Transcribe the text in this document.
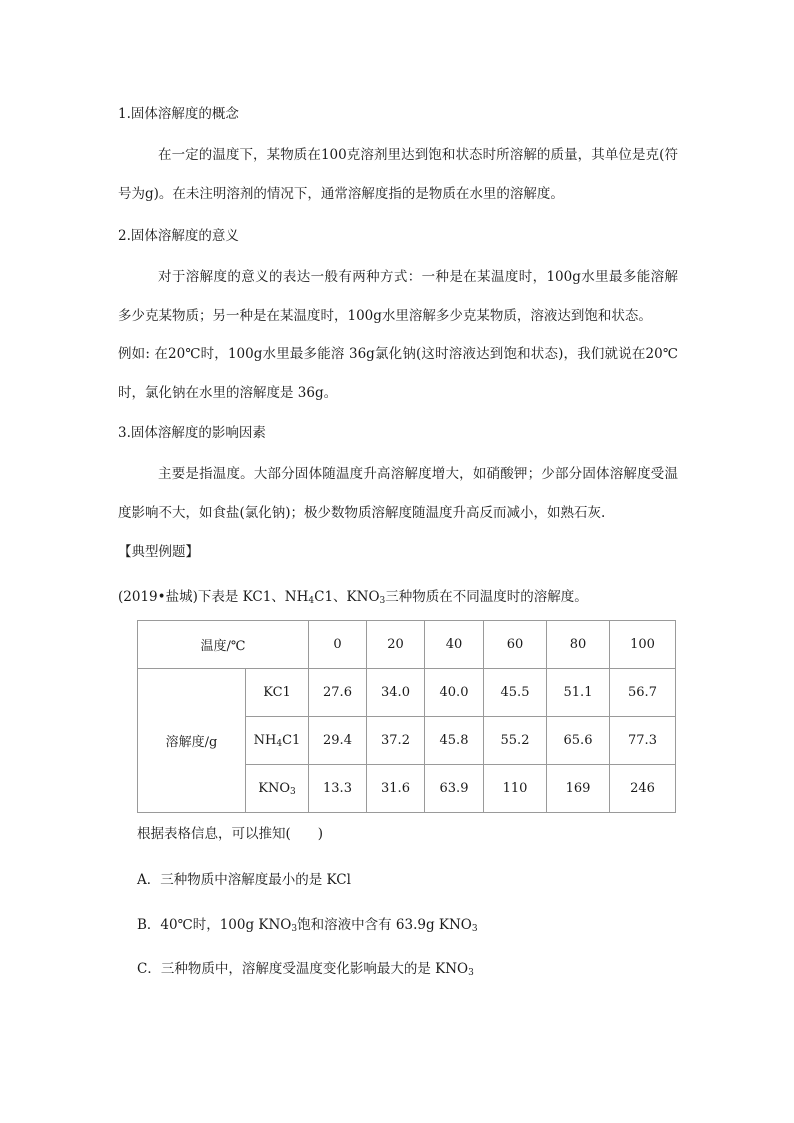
1.固体溶解度的概念
在一定的温度下，某物质在100克溶剂里达到饱和状态时所溶解的质量，其单位是克(符号为g)。在未注明溶剂的情况下，通常溶解度指的是物质在水里的溶解度。
2.固体溶解度的意义
对于溶解度的意义的表达一般有两种方式：一种是在某温度时，100g水里最多能溶解多少克某物质；另一种是在某温度时，100g水里溶解多少克某物质，溶液达到饱和状态。
例如: 在20℃时，100g水里最多能溶 36g氯化钠(这时溶液达到饱和状态)，我们就说在20℃时，氯化钠在水里的溶解度是 36g。
3.固体溶解度的影响因素
主要是指温度。大部分固体随温度升高溶解度增大，如硝酸钾；少部分固体溶解度受温度影响不大，如食盐(氯化钠)；极少数物质溶解度随温度升高反而减小，如熟石灰.
【典型例题】
(2019•盐城)下表是 KC1、$NH_4C1$、$KNO_3$三种物质在不同温度时的溶解度。
温度/℃		0	20	40	60	80	100
溶解度/g	KC1	27.6	34.0	40.0	45.5	51.1	56.7
	$NH_4C1$	29.4	37.2	45.8	55.2	65.6	77.3
	$KNO_3$	13.3	31.6	63.9	110	169	246
根据表格信息，可以推知(　　)
A．三种物质中溶解度最小的是 KCl
B．40℃时，100g $KNO_3$饱和溶液中含有 63.9g $KNO_3$
C．三种物质中，溶解度受温度变化影响最大的是 $KNO_3$
